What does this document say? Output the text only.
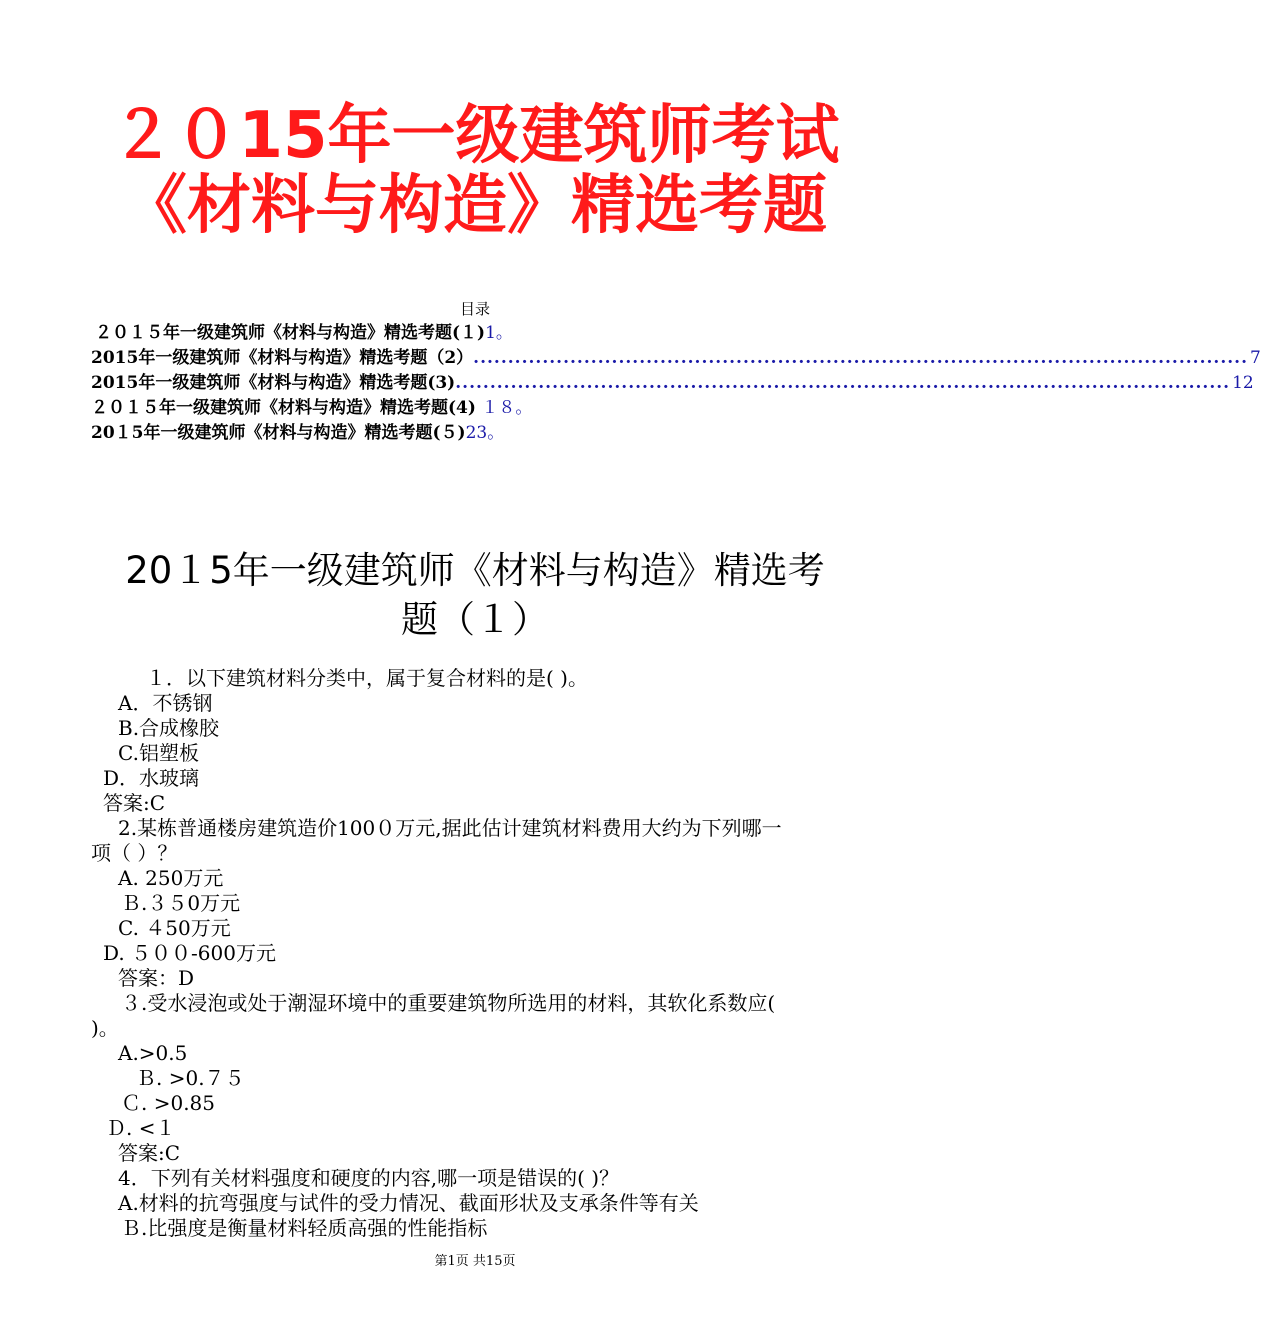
２０15年一级建筑师考试
《材料与构造》精选考题
目录
２０１５年一级建筑师《材料与构造》精选考题(１)1。
2015年一级建筑师《材料与构造》精选考题（2） ................................................................................................................ 7
2015年一级建筑师《材料与构造》精选考题(3) ................................................................................................................ 12
２０１５年一级建筑师《材料与构造》精选考题(4) １８。
20１5年一级建筑师《材料与构造》精选考题(５)23。
20１5年一级建筑师《材料与构造》精选考
题（１）
１．以下建筑材料分类中，属于复合材料的是( )。
A．不锈钢
B.合成橡胶
C.铝塑板
D．水玻璃
答案:C
2.某栋普通楼房建筑造价100０万元,据此估计建筑材料费用大约为下列哪一
项（ ）？
A. 250万元
Ｂ.３５0万元
C. ４50万元
D. ５００-600万元
答案：D
３.受水浸泡或处于潮湿环境中的重要建筑物所选用的材料，其软化系数应(
)。
A.>0.5
Ｂ. >0.７５
Ｃ. >0.85
Ｄ. <１
答案:C
4．下列有关材料强度和硬度的内容,哪一项是错误的( )？
A.材料的抗弯强度与试件的受力情况、截面形状及支承条件等有关
Ｂ.比强度是衡量材料轻质高强的性能指标
第1页 共15页
